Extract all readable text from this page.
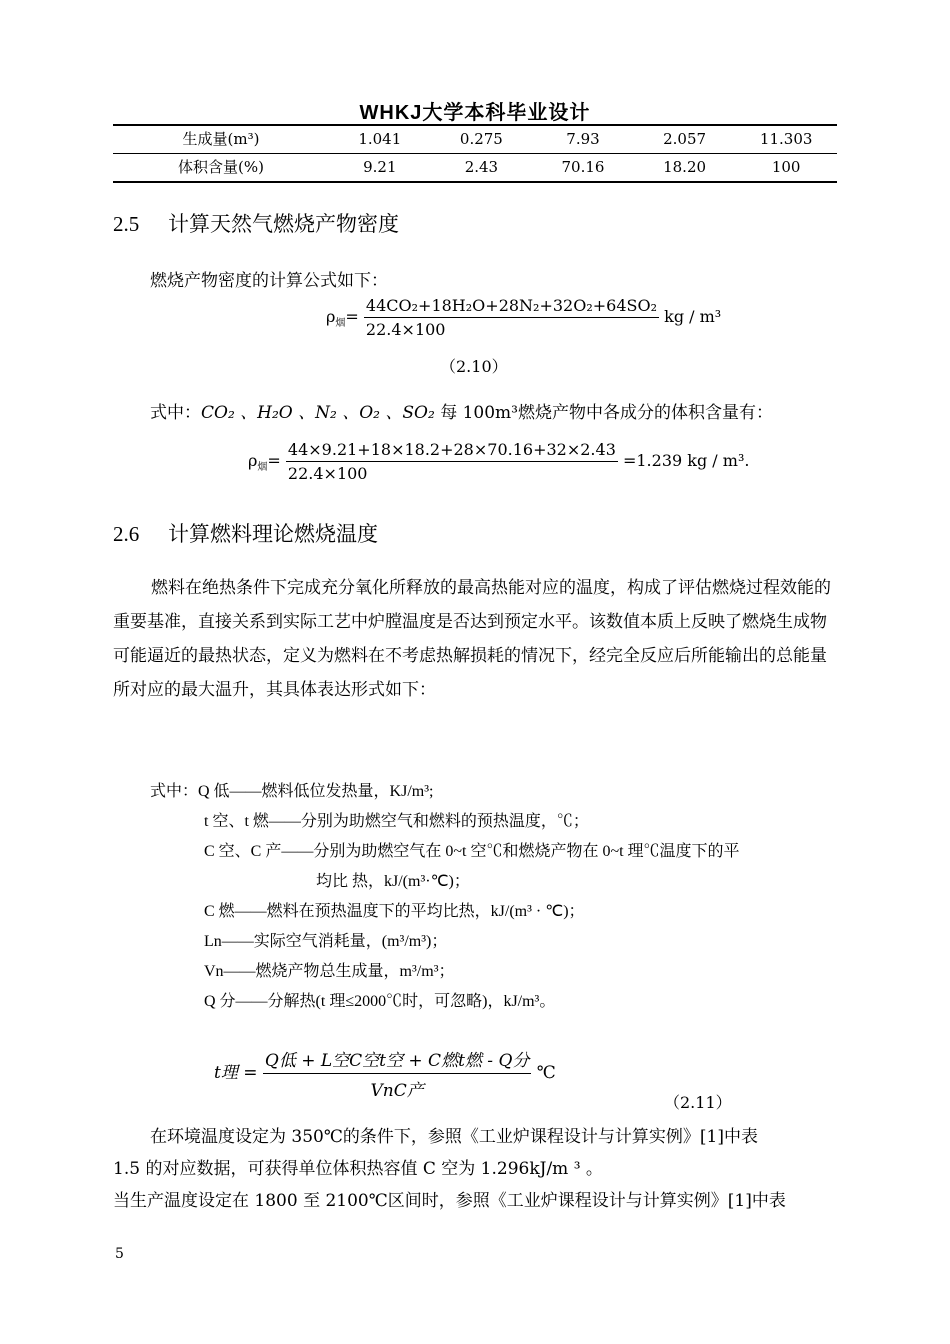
WHKJ大学本科毕业设计
生成量(m³)	1.041	0.275	7.93	2.057	11.303
体积含量(%)	9.21	2.43	70.16	18.20	100
2.5 计算天然气燃烧产物密度
燃烧产物密度的计算公式如下：
$\rho_烟= \frac{\text{44CO₂+18H₂O+28N₂+32O₂+64SO₂}}{22.4\times 100}$ kg / m³
（2.10）
式中：CO₂ 、H₂O 、N₂ 、O₂ 、SO₂ 每 100m³燃烧产物中各成分的体积含量有：
$\rho_烟= \frac{44\times 9.21+18\times 18.2+28\times 70.16+32\times 2.43}{22.4\times 100} =1.239$ kg / m³.
2.6 计算燃料理论燃烧温度
燃料在绝热条件下完成充分氧化所释放的最高热能对应的温度，构成了评估燃烧过程效能的重要基准，直接关系到实际工艺中炉膛温度是否达到预定水平。该数值本质上反映了燃烧生成物可能逼近的最热状态，定义为燃料在不考虑热解损耗的情况下，经完全反应后所能输出的总能量所对应的最大温升，其具体表达形式如下：
式中：Q 低——燃料低位发热量，KJ/m³;
t 空、t 燃——分别为助燃空气和燃料的预热温度，℃；
C 空、C 产——分别为助燃空气在 0~t 空℃和燃烧产物在 0~t 理℃温度下的平
均比 热，kJ/(m³·℃)；
C 燃——燃料在预热温度下的平均比热，kJ/(m³ · ℃)；
Ln——实际空气消耗量，(m³/m³)；
Vn——燃烧产物总生成量，m³/m³；
Q 分——分解热(t 理≤2000℃时，可忽略)，kJ/m³。
t理 = $\frac{\text{Q低 + L空C空t空 + C燃t燃 - Q分}}{\text{VnC产}}$ ℃
（2.11）
在环境温度设定为 350℃的条件下，参照《工业炉课程设计与计算实例》[1]中表
1.5 的对应数据，可获得单位体积热容值 C 空为 1.296kJ/m ³ 。
当生产温度设定在 1800 至 2100℃区间时，参照《工业炉课程设计与计算实例》[1]中表
5
